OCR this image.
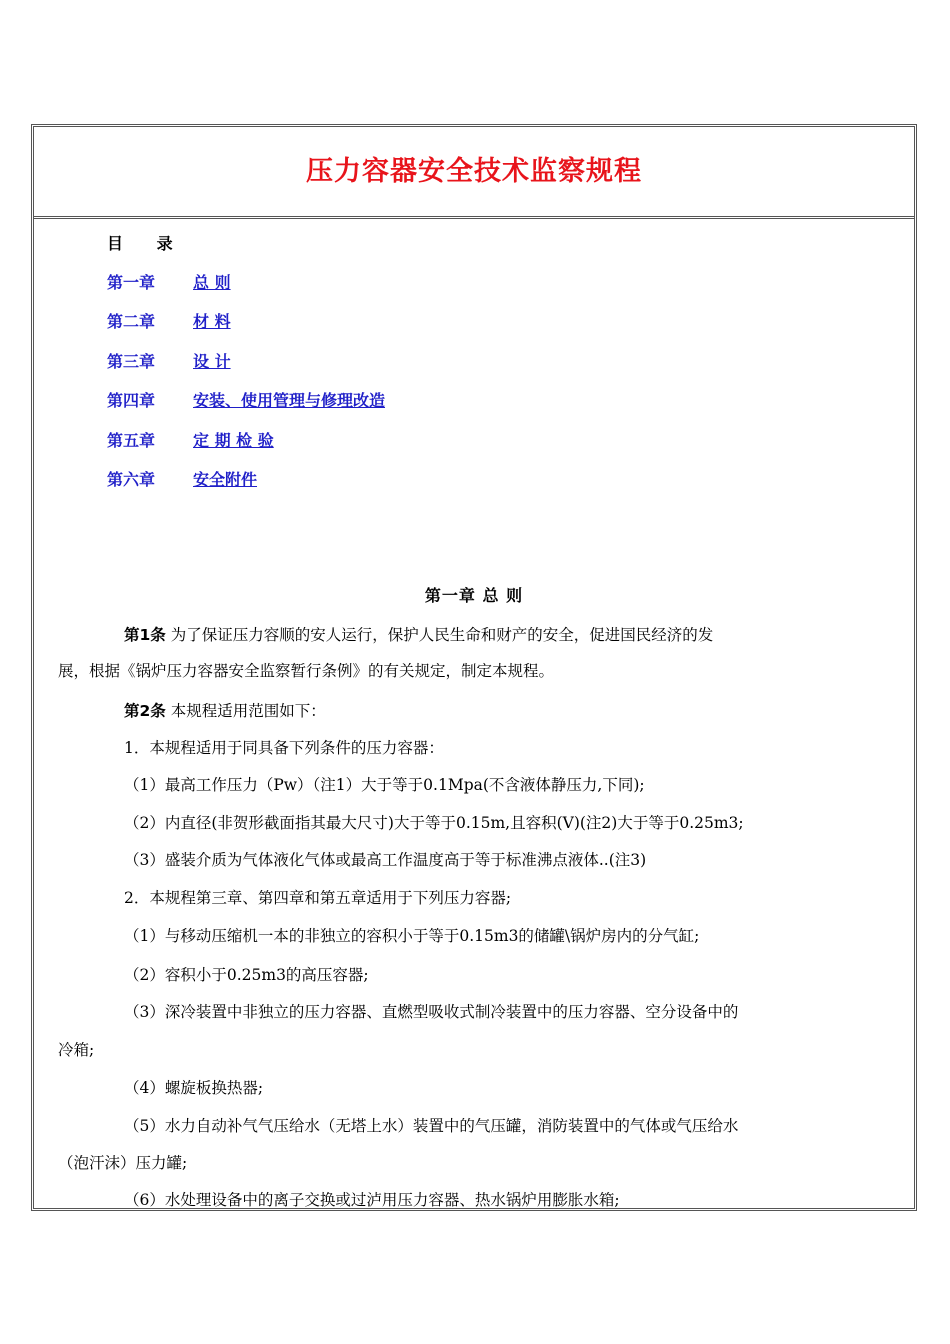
压力容器安全技术监察规程
目 录
第一章 总 则
第二章 材 料
第三章 设 计
第四章 安装、使用管理与修理改造
第五章 定 期 检 验
第六章 安全附件
第一章 总 则
第1条 为了保证压力容顺的安人运行，保护人民生命和财产的安全，促进国民经济的发
展，根据《锅炉压力容器安全监察暂行条例》的有关规定，制定本规程。
第2条 本规程适用范围如下：
1．本规程适用于同具备下列条件的压力容器：
（1）最高工作压力（Pw）（注1）大于等于0.1Mpa(不含液体静压力,下同);
（2）内直径(非贺形截面指其最大尺寸)大于等于0.15m,且容积(V)(注2)大于等于0.25m3;
（3）盛装介质为气体液化气体或最高工作温度高于等于标准沸点液体..(注3)
2．本规程第三章、第四章和第五章适用于下列压力容器;
（1）与移动压缩机一本的非独立的容积小于等于0.15m3的储罐\锅炉房内的分气缸;
（2）容积小于0.25m3的高压容器;
（3）深冷装置中非独立的压力容器、直燃型吸收式制冷装置中的压力容器、空分设备中的
冷箱;
（4）螺旋板换热器;
（5）水力自动补气气压给水（无塔上水）装置中的气压罐，消防装置中的气体或气压给水
（泡汗沫）压力罐;
（6）水处理设备中的离子交换或过泸用压力容器、热水锅炉用膨胀水箱;
